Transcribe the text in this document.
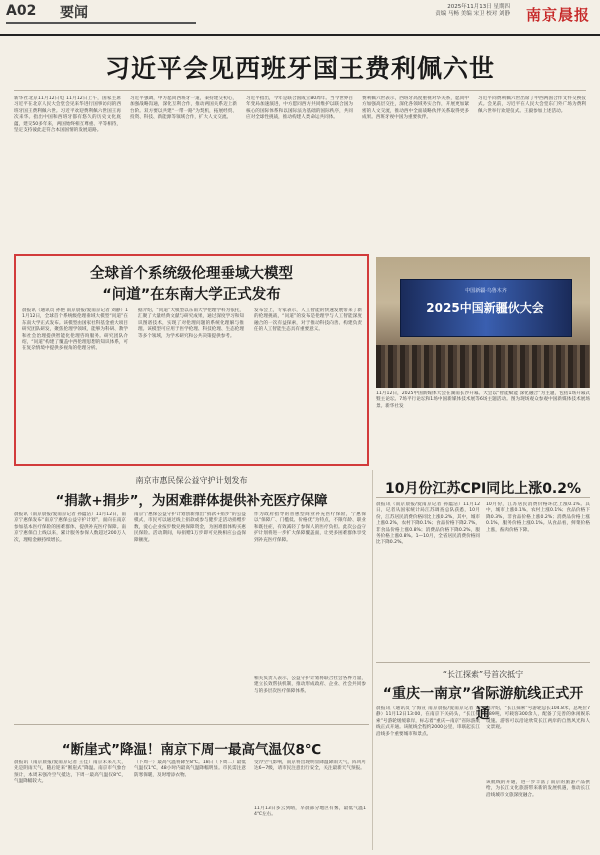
A02 要闻	2025年11月13日 星期四
责编 马畅 美编 宋卫 校对 刘静 南京晨报
习近平会见西班牙国王费利佩六世
新华社北京11月12日电 11月12日上午，国家主席习近平在北京人民大会堂会见来华进行国事访问的西班牙国王费利佩六世。习近平欢迎费利佩六世国王再次来华。指出中国和西班牙都有悠久的历史文化底蕴，建交50多年来，两国始终相互尊重、平等相待，坚定支持彼此走符合本国国情的发展道路。
习近平强调，中方愿同西班牙一道，秉持建交初心，加强战略沟通，深化互利合作，推动两国关系迈上新台阶。双方要以共建“一带一路”为契机，拓展经贸、投资、科技、新能源等领域合作，扩大人文交流。
习近平指出，今年是联合国成立80周年。当今世界百年变局加速演进，中方愿同西方共同维护以联合国为核心的国际体系和以国际法为基础的国际秩序，共同应对全球性挑战，推动构建人类命运共同体。
费利佩六世表示，西班牙高度重视对华关系，愿同中方加强高层交往，深化各领域务实合作，开展更加紧密的人文交流，推动西中全面战略伙伴关系取得更多成果。西班牙视中国为重要伙伴。
习近平同费利佩六世出席了中西两国合作文件交换仪式。会见前，习近平在人民大会堂东门外广场为费利佩六世举行欢迎仪式。王毅参加上述活动。
全球首个系统级伦理垂域大模型
“问道”在东南大学正式发布
晨报讯（通讯员 孙艳 南京晨报/爱南京记者 刘静）11月12日，全球首个系统级伦理垂域大模型“问道”在东南大学正式发布。该模型由国家社科基金重大项目研究团队研发，聚焦伦理学领域，能够为科研、教学和社会治理提供智能化伦理咨询服务。研究团队介绍，“问道”构建了覆盖中西伦理思想的知识体系，可在复杂情境中提供多视角的伦理分析。
据介绍，“问道”大模型以东南大学伦理学科为依托，汇聚了大量经典文献与研究成果，通过深度学习和知识图谱技术，实现了对伦理问题的系统化理解与推理。该模型可应用于医学伦理、科技伦理、生态伦理等多个领域，为学术研究和公共决策提供参考。
发布会上，专家表示，人工智能的快速发展带来了新的伦理挑战，“问道”的发布是伦理学与人工智能深度融合的一次有益探索，对于推动科技向善、构建负责任的人工智能生态具有重要意义。
中国新疆·乌鲁木齐
2025中国新疆伙大会
11月12日，2025中国新媒体大会在湖南长沙开幕。大会以“智能赋能 深化融合”为主题，包括1场开幕式暨主论坛、7场平行论坛和1场中国新媒体技术展等6场主题活动。图为现场观众参观中国新媒体技术展场景。新华社发
10月份江苏CPI同比上涨0.2%
晨报讯（南京晨报/爱南京记者 孙蕴洁）11月12日，记者从国家统计局江苏调查总队获悉，10月份，江苏居民消费价格同比上涨0.2%，其中，城市上涨0.2%，农村下降0.1%；食品价格下降2.7%，非食品价格上涨0.8%；消费品价格下降0.2%，服务价格上涨0.8%。1—10月，全省居民消费价格同比下降0.2%。
10月份，江苏居民消费价格环比上涨0.1%。其中，城市上涨0.1%，农村上涨0.1%；食品价格下降0.3%，非食品价格上涨0.2%；消费品价格上涨0.1%，服务价格上涨0.1%。从食品看，鲜菜价格上涨，畜肉价格下降。
南京市惠民保公益守护计划发布
“捐款+捐步”，为困难群体提供补充医疗保障
晨报讯（南京晨报/爱南京记者 孙蕴洁）11月12日，南京宁惠保发布“南京宁惠保公益守护计划”，面向在南京参加基本医疗保险的困难群体，提供补充医疗保障。南京宁惠保自上线以来，累计服务参保人数超过200万人次，理赔金额持续增长。
南京宁惠保公益守护计划创新推出“捐款+捐步”的公益模式，市民可以通过线上捐款或参与健步走活动捐赠步数，爱心企业按步数兑换保障资金，为困难群体购买惠民保险。活动期间，每捐赠1万步即可兑换相应公益保障额度。
作为政府指导的普惠型商业补充医疗保险，宁惠保以“保障广、门槛低、价格优”为特点，不限年龄、职业和既往症，有效减轻了参保人的医疗负担。此次公益守护计划将进一步扩大保障覆盖面，让更多困难群体享受到补充医疗保障。
相关负责人表示，公益守护计划将联合社会各界力量，建立长效帮扶机制，推动形成政府、企业、社会共同参与的多层次医疗保障体系。
“断崖式”降温！南京下周一最高气温仅8℃
晨报讯（南京晨报/爱南京记者 王佳）南京未来几天，先是阴雨天气，随后迎来“断崖式”降温。南京市气象台预计，本周末强冷空气抵达，下周一最高气温仅8℃，气温降幅较大。
（下周一）最高气温将降至8℃。18日（下周二）最低气温仅1℃，48小时内最高气温降幅明显。市民需注意防寒保暖，及时增添衣物。
受冷空气影响，南京将出现明显降温降雨天气，阵风可达6~7级，请市民注意出行安全，关注最新天气预报。
11月13日多云到晴，早晨部分地区有雾，最低气温14℃左右。
“长江探索”号首次抵宁
“重庆一南京”省际游航线正式开通
晨报讯（通讯员 宁海宣 南京晨报/爱南京记者 刘静）11月12日13:00，在南京下关码头，“长江探索”号游轮缓缓靠岸，标志着“重庆—南京”省际游航线正式开通。该航线全程约2000公里，串联起长江沿线多个重要城市和景点。
据介绍，“长江探索”号游轮总长104.8米，总吨位7389吨，可载客300余人，配备了完善的休闲娱乐设施。游客可以沿途欣赏长江两岸的自然风光和人文景观。
该航线的开通，进一步丰富了南京的旅游产品供给，为长江文化旅游带来新的发展机遇，推动长江沿线城市文旅深度融合。
